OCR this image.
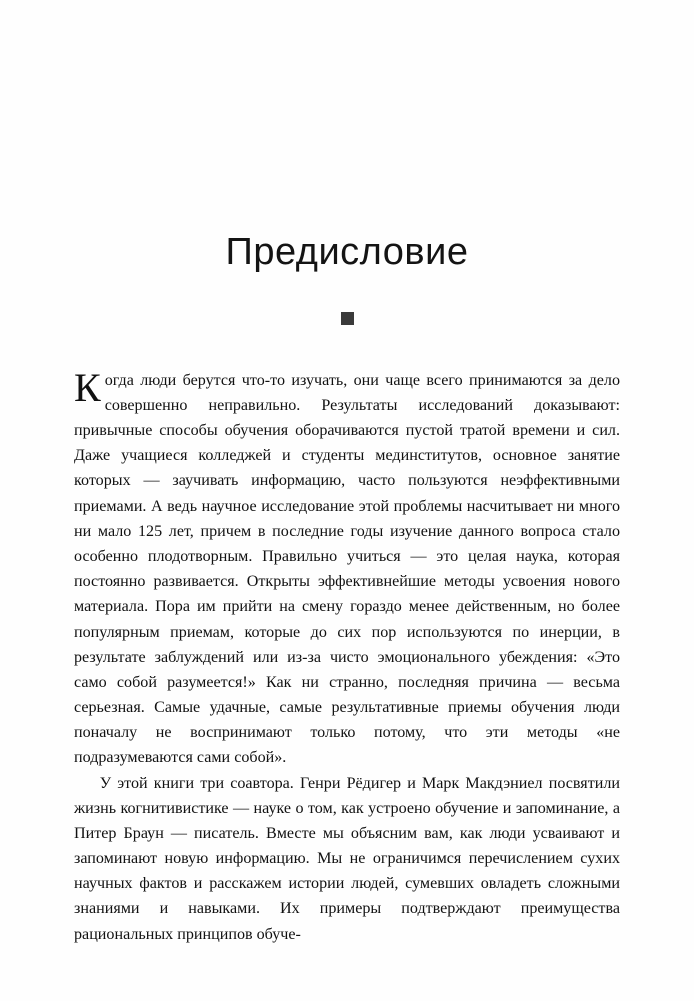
Предисловие

Когда люди берутся что-то изучать, они чаще всего принимаются за дело совершенно неправильно. Результаты исследований доказывают: привычные способы обучения оборачиваются пустой тратой времени и сил. Даже учащиеся колледжей и студенты мединститутов, основное занятие которых — заучивать информацию, часто пользуются неэффективными приемами. А ведь научное исследование этой проблемы насчитывает ни много ни мало 125 лет, причем в последние годы изучение данного вопроса стало особенно плодотворным. Правильно учиться — это целая наука, которая постоянно развивается. Открыты эффективнейшие методы усвоения нового материала. Пора им прийти на смену гораздо менее действенным, но более популярным приемам, которые до сих пор используются по инерции, в результате заблуждений или из-за чисто эмоционального убеждения: «Это само собой разумеется!» Как ни странно, последняя причина — весьма серьезная. Самые удачные, самые результативные приемы обучения люди поначалу не воспринимают только потому, что эти методы «не подразумеваются сами собой».

У этой книги три соавтора. Генри Рёдигер и Марк Макдэниел посвятили жизнь когнитивистике — науке о том, как устроено обучение и запоминание, а Питер Браун — писатель. Вместе мы объясним вам, как люди усваивают и запоминают новую информацию. Мы не ограничимся перечислением сухих научных фактов и расскажем истории людей, сумевших овладеть сложными знаниями и навыками. Их примеры подтверждают преимущества рациональных принципов обуче-
